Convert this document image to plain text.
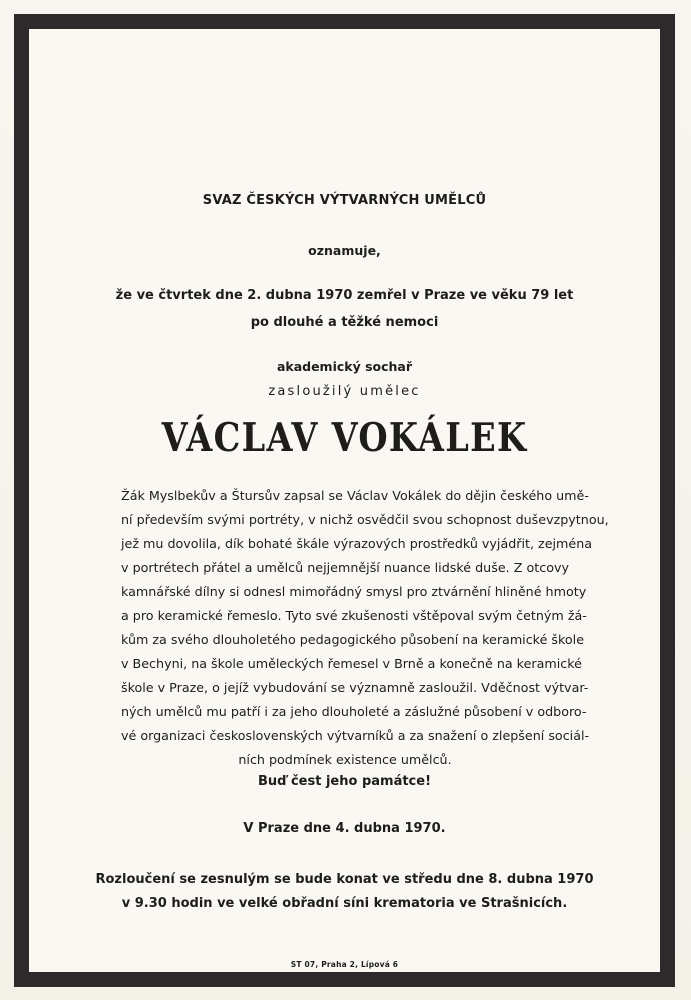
SVAZ ČESKÝCH VÝTVARNÝCH UMĚLCŮ
oznamuje,
že ve čtvrtek dne 2. dubna 1970 zemřel v Praze ve věku 79 let
po dlouhé a těžké nemoci
akademický sochař
zasloužilý umělec
VÁCLAV VOKÁLEK
Žák Myslbekův a Štursův zapsal se Václav Vokálek do dějin českého umě-
ní především svými portréty, v nichž osvědčil svou schopnost duševzpytnou,
jež mu dovolila, dík bohaté škále výrazových prostředků vyjádřit, zejména
v portrétech přátel a umělců nejjemnější nuance lidské duše. Z otcovy
kamnářské dílny si odnesl mimořádný smysl pro ztvárnění hliněné hmoty
a pro keramické řemeslo. Tyto své zkušenosti vštěpoval svým četným žá-
kům za svého dlouholetého pedagogického působení na keramické škole
v Bechyni, na škole uměleckých řemesel v Brně a konečně na keramické
škole v Praze, o jejíž vybudování se významně zasloužil. Vděčnost výtvar-
ných umělců mu patří i za jeho dlouholeté a záslužné působení v odboro-
vé organizaci československých výtvarníků a za snažení o zlepšení sociál-
ních podmínek existence umělců.
Buď čest jeho památce!
V Praze dne 4. dubna 1970.
Rozloučení se zesnulým se bude konat ve středu dne 8. dubna 1970
v 9.30 hodin ve velké obřadní síni krematoria ve Strašnicích.
ST 07, Praha 2, Lípová 6
